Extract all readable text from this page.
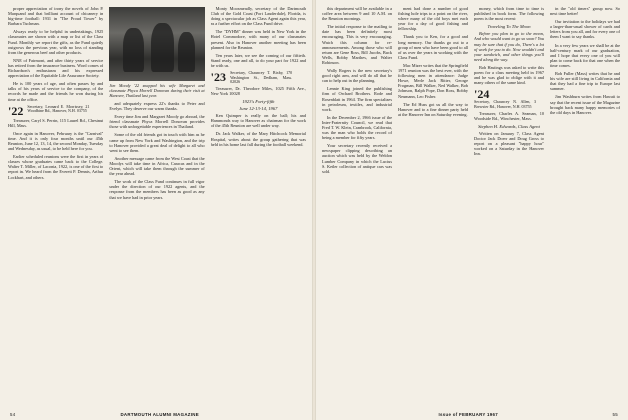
proper appreciation of irony the novels of John P. Marquand and that brilliant account of chicanery in big-time football: 1931 in "The Proud Tower" by Barbara Tuchman.

Always ready to be helpful in undertakings, 1925 classmates are shown with a map or list of the Class Fund. Monthly we report the gifts, as the Fund quietly outgrows the previous year, with no loss of standing from the generous beef and other products.

NNE of Fairmont, and after thirty years of service has retired from the insurance business. Word comes of Richardson's enthusiasm and his expressed appreciation of the Equitable Life Assurance Society.

He is 100 years of age, and often passes by and talks of his years of service to the company, of the records he made and the friends he won during his time at the office.

'22 Secretary, Leonard E. Morrissey, 21 Woodbine Rd., Hanover, N.H. 03755

Treasurer, Caryl S. Perrin, 115 Laurel Rd., Chestnut Hill, Mass.

Once again in Hanover, February is the "Carnival" time. And it is only four months until our 45th Reunion, June 12, 13, 14, the second Monday, Tuesday and Wednesday, as usual, to be held here for you.

Earlier scheduled reunions were the first in years of classes whose graduates came back to the College. Walter T. Miller, of Laconia, 1922, is one of the first to report in. We heard from the Everett P. Dennis, Arthur Lockhart, and others.

Jim Moody '22 snapped his wife Margaret and classmate Phyca Morrell Donovan during their visit at Hanover, Thailand last year.

and adequately express 22's thanks to Peter and Evelyn. They deserve our warm thanks.

Every time Jim and Margaret Moody go abroad, the friend classmate Phyca Morrell Donovan provides those with unforgettable experiences in Thailand.

Some of the old friends got in touch with him as he came up from New York and Washington, and the trip to Hanover provided a great deal of delight to all who went to see them.

Another message came from the West Coast that the Moodys will take time in Africa, Caracas and in the Orient, which will take them through the summer of the year ahead.

The work of the Class Fund continues in full vigor under the direction of our 1922 agents, and the response from the members has been as good as any that we have had in prior years.

Monty Moosmeadly, secretary of the Dartmouth Club of the Gold Coast (Fort Lauderdale), Florida, is doing a spectacular job as Class Agent again this year, as a further effort on the Class Fund drive.

The "DYHM" dinner was held in New York in the Hotel Commodore, with many of our classmates present. Also in Hanover another meeting has been planned for the Reunion.

Ten years later, we see the coming of our fiftieth. Stand ready, one and all, to do your part for 1922 and be with us.

'23 Secretary, Chauncey T. Bixby, 170 Washington St., Dedham, Mass. 02026

Treasurer, Dr. Theodore Miles, 1025 Fifth Ave., New York 10028

1923's Forty-fifth
June 12-13-14, 1967

Ken Quimper is really on the ball; his and Hammonds way to Hanover as chairman for the work of the 45th Reunion are well under way.

Dr. Jack Walker, of the Mary Hitchcock Memorial Hospital, writes about the group gathering that was held in his home last fall during the football weekend.

54	DARTMOUTH ALUMNI MAGAZINE

this department will be available in a coffee area between 9 and 10 A.M. on the Reunion mornings.

The initial response to the mailing to date has been definitely most encouraging. This is very encouraging. Watch this column for re-announcements. Among those who will return are Gene Ross, Bill Jacobs, Buck Wells, Bobby Marthes, and Walter Robinson.

Wally Rogers is the new secretary's good right arm, and will do all that he can to help out in the planning.

Lennie King joined the publishing firm of Orchard Brothers. Rode and Rosenblatt in 1964. The firm specializes in petroleum, textiles, and industrial work.

In the December 2, 1966 issue of the Inter-Fraternity Council, we read that Fred T. W. Klein, Cranbrook, California, was the man who holds the record of being a member for fifty years.

Your secretary recently received a newspaper clipping describing an auction which was held by the Weldon Lumber Company in which the Lucius S. Ketler collection of antique cars was sold.

ment had done a number of good fishing hole trips to a point on the river, where many of the old boys met each year for a day of good fishing and fellowship.

Thank you to Ken, for a good and long memory. Our thanks go out to a group of men who have been good to all of us over the years in working with the Class Fund.

Mac Mizer writes that the Springfield 1971 reunion was the best ever, with the following men in attendance: Judge Howe, Merle Jack Ritter, George Frogman, Bill Walker, Ned Walker, Bob Johnson, Ralph Pope, Don Ross, Bobby Neumann, Leo Fisher.

The Ed Huss got us all the way to Hanover and to a fine dinner party held at the Hanover Inn on Saturday evening.

money, which from time to time is published in book form. The following poem is the most recent:

Traveling To The Moon

Before you plan to go to the moon, And who would want to go so soon? You may be sure that if you do, There's a lot of work for you to do. Now wouldn't and your sandwich, and other things you'll need along the way.

Bob Hastings was asked to write this poem for a class meeting held in 1967 and he was glad to oblige with it and many others of the same kind.

'24 Secretary, Chauncey N. Allen, 3 Brewster Rd., Hanover, N.H. 03755

Treasurer, Charles A. Seaman, 10 Woodside Rd., Winchester, Mass.

Stephen H. Edwards, Class Agent

Written on January 7, Class Agent Doctor Jack Doerr and Doug Gross to report on a pleasant "happy hour" worked on a Saturday in the Hanover Inn.

in the "old timers" group now. So next time better!

Our invitation to the holidays we had a larger-than-usual shower of cards and letters from you all, and for every one of them I want to say thanks.

In a very few years we shall be at the half-century mark of our graduation, and I hope that every one of you will plan to come back for that one when the time comes.

Bob Fuller (Mass) writes that he and his wife are still living in California and that they had a fine trip to Europe last summer.

Jim Washburn writes from Hawaii to say that the recent issue of the Magazine brought back many happy memories of the old days in Hanover.

Issue of FEBRUARY 1967	55
